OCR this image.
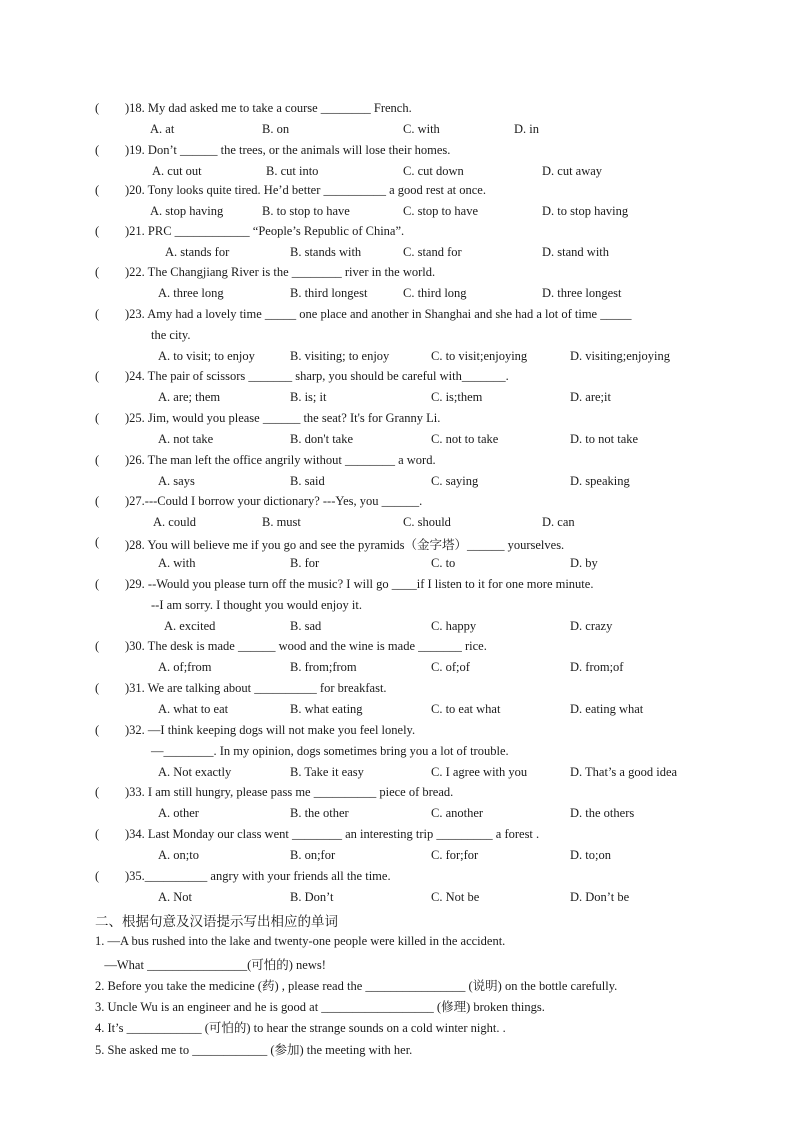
( )18. My dad asked me to take a course ________ French.
A. at	B. on	C. with	D. in
( )19. Don’t ______ the trees, or the animals will lose their homes.
A. cut out	B. cut into	C. cut down	D. cut away
( )20. Tony looks quite tired. He’d better __________ a good rest at once.
A. stop having	B. to stop to have	C. stop to have	D. to stop having
( )21. PRC ____________ “People’s Republic of China”.
A. stands for	B. stands with	C. stand for	D. stand with
( )22. The Changjiang River is the ________ river in the world.
A. three long	B. third longest	C. third long	D. three longest
( )23. Amy had a lovely time _____ one place and another in Shanghai and she had a lot of time _____
the city.
A. to visit; to enjoy	B. visiting; to enjoy	C. to visit;enjoying	D. visiting;enjoying
( )24. The pair of scissors _______ sharp, you should be careful with_______.
A. are; them	B. is; it	C. is;them	D. are;it
( )25. Jim, would you please ______ the seat? It's for Granny Li.
A. not take	B. don't take	C. not to take	D. to not take
( )26. The man left the office angrily without ________ a word.
A. says	B. said	C. saying	D. speaking
( )27.---Could I borrow your dictionary? ---Yes, you ______.
A. could	B. must	C. should	D. can
( )28. You will believe me if you go and see the pyramids（金字塔）______ yourselves.
A. with	B. for	C. to	D. by
( )29. --Would you please turn off the music? I will go ____if I listen to it for one more minute.
--I am sorry. I thought you would enjoy it.
A. excited	B. sad	C. happy	D. crazy
( )30. The desk is made ______ wood and the wine is made _______ rice.
A. of;from	B. from;from	C. of;of	D. from;of
( )31. We are talking about __________ for breakfast.
A. what to eat	B. what eating	C. to eat what	D. eating what
( )32. —I think keeping dogs will not make you feel lonely.
—________. In my opinion, dogs sometimes bring you a lot of trouble.
A. Not exactly	B. Take it easy	C. I agree with you	D. That’s a good idea
( )33. I am still hungry, please pass me __________ piece of bread.
A. other	B. the other	C. another	D. the others
( )34. Last Monday our class went ________ an interesting trip _________ a forest .
A. on;to	B. on;for	C. for;for	D. to;on
( )35.__________ angry with your friends all the time.
A. Not	B. Don’t	C. Not be	D. Don’t be
二、根据句意及汉语提示写出相应的单词
1. —A bus rushed into the lake and twenty-one people were killed in the accident.
—What ________________(可怕的) news!
2. Before you take the medicine (药) , please read the ________________ (说明) on the bottle carefully.
3. Uncle Wu is an engineer and he is good at __________________ (修理) broken things.
4. It’s ____________ (可怕的) to hear the strange sounds on a cold winter night. .
5. She asked me to ____________ (参加) the meeting with her.
